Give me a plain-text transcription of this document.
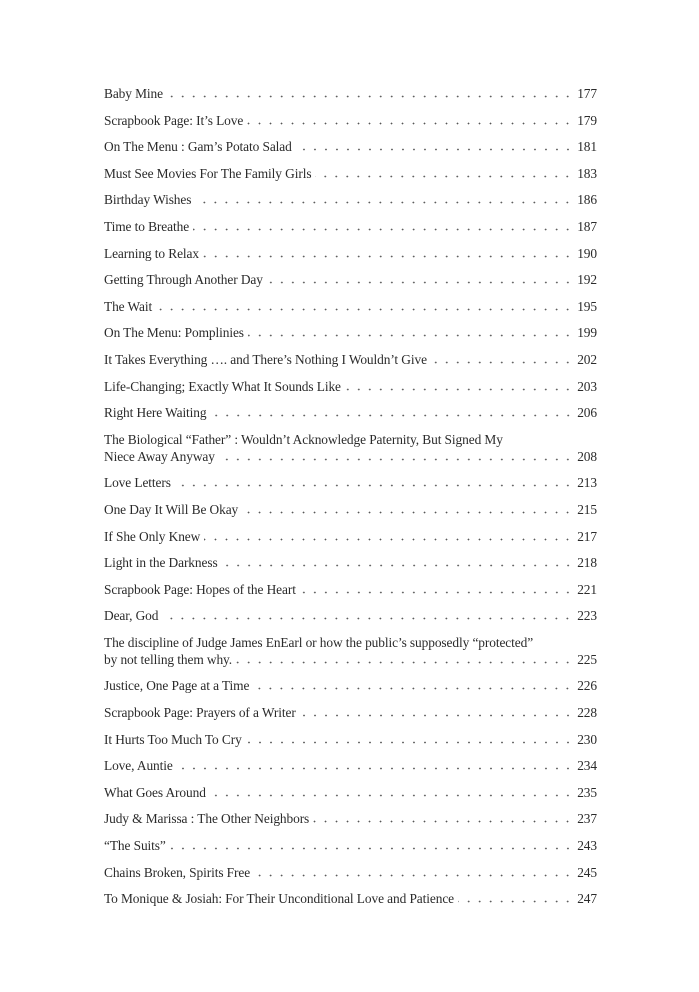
Baby Mine	177
Scrapbook Page: It’s Love	179
On The Menu : Gam’s Potato Salad	181
Must See Movies For The Family Girls	183
Birthday Wishes	186
Time to Breathe	187
Learning to Relax	190
Getting Through Another Day	192
The Wait	195
On The Menu: Pomplinies	199
It Takes Everything …. and There’s Nothing I Wouldn’t Give	202
Life-Changing; Exactly What It Sounds Like	203
Right Here Waiting	206
The Biological “Father” : Wouldn’t Acknowledge Paternity, But Signed My
Niece Away Anyway	208
Love Letters	213
One Day It Will Be Okay	215
If She Only Knew	217
Light in the Darkness	218
Scrapbook Page: Hopes of the Heart	221
Dear, God	223
The discipline of Judge James EnEarl or how the public’s supposedly “protected”
by not telling them why.	225
Justice, One Page at a Time	226
Scrapbook Page: Prayers of a Writer	228
It Hurts Too Much To Cry	230
Love, Auntie	234
What Goes Around	235
Judy & Marissa : The Other Neighbors	237
“The Suits”	243
Chains Broken, Spirits Free	245
To Monique & Josiah: For Their Unconditional Love and Patience	247
